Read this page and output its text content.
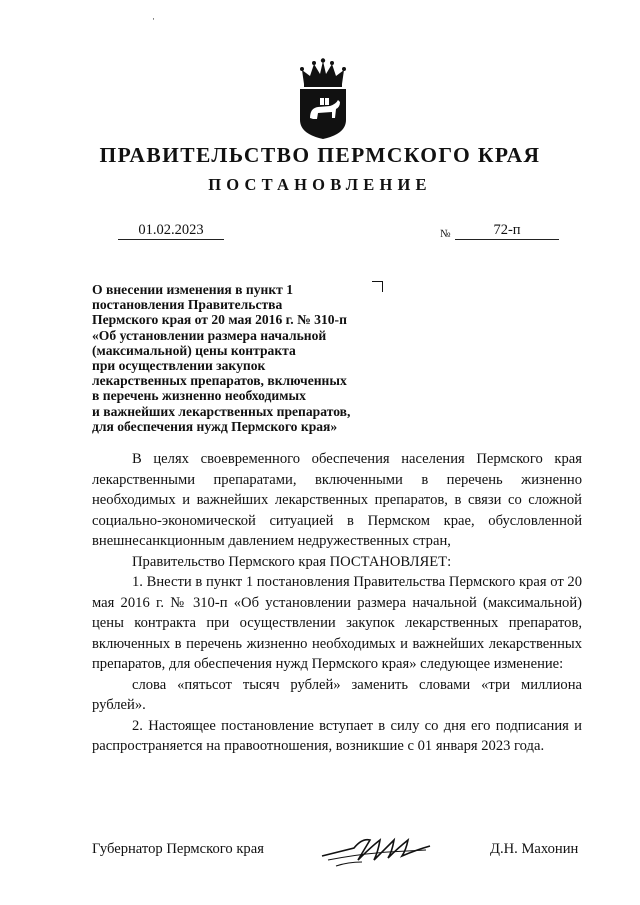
·
ПРАВИТЕЛЬСТВО ПЕРМСКОГО КРАЯ
ПОСТАНОВЛЕНИЕ
01.02.2023	№	72-п
О внесении изменения в пункт 1
постановления Правительства
Пермского края от 20 мая 2016 г. № 310-п
«Об установлении размера начальной
(максимальной) цены контракта
при осуществлении закупок
лекарственных препаратов, включенных
в перечень жизненно необходимых
и важнейших лекарственных препаратов,
для обеспечения нужд Пермского края»

В целях своевременного обеспечения населения Пермского края лекарственными препаратами, включенными в перечень жизненно необходимых и важнейших лекарственных препаратов, в связи со сложной социально-экономической ситуацией в Пермском крае, обусловленной внешнесанкционным давлением недружественных стран,

Правительство Пермского края ПОСТАНОВЛЯЕТ:

1. Внести в пункт 1 постановления Правительства Пермского края от 20 мая 2016 г. № 310-п «Об установлении размера начальной (максимальной) цены контракта при осуществлении закупок лекарственных препаратов, включенных в перечень жизненно необходимых и важнейших лекарственных препаратов, для обеспечения нужд Пермского края» следующее изменение:

слова «пятьсот тысяч рублей» заменить словами «три миллиона рублей».

2. Настоящее постановление вступает в силу со дня его подписания и распространяется на правоотношения, возникшие с 01 января 2023 года.

Губернатор Пермского края	Д.Н. Махонин
